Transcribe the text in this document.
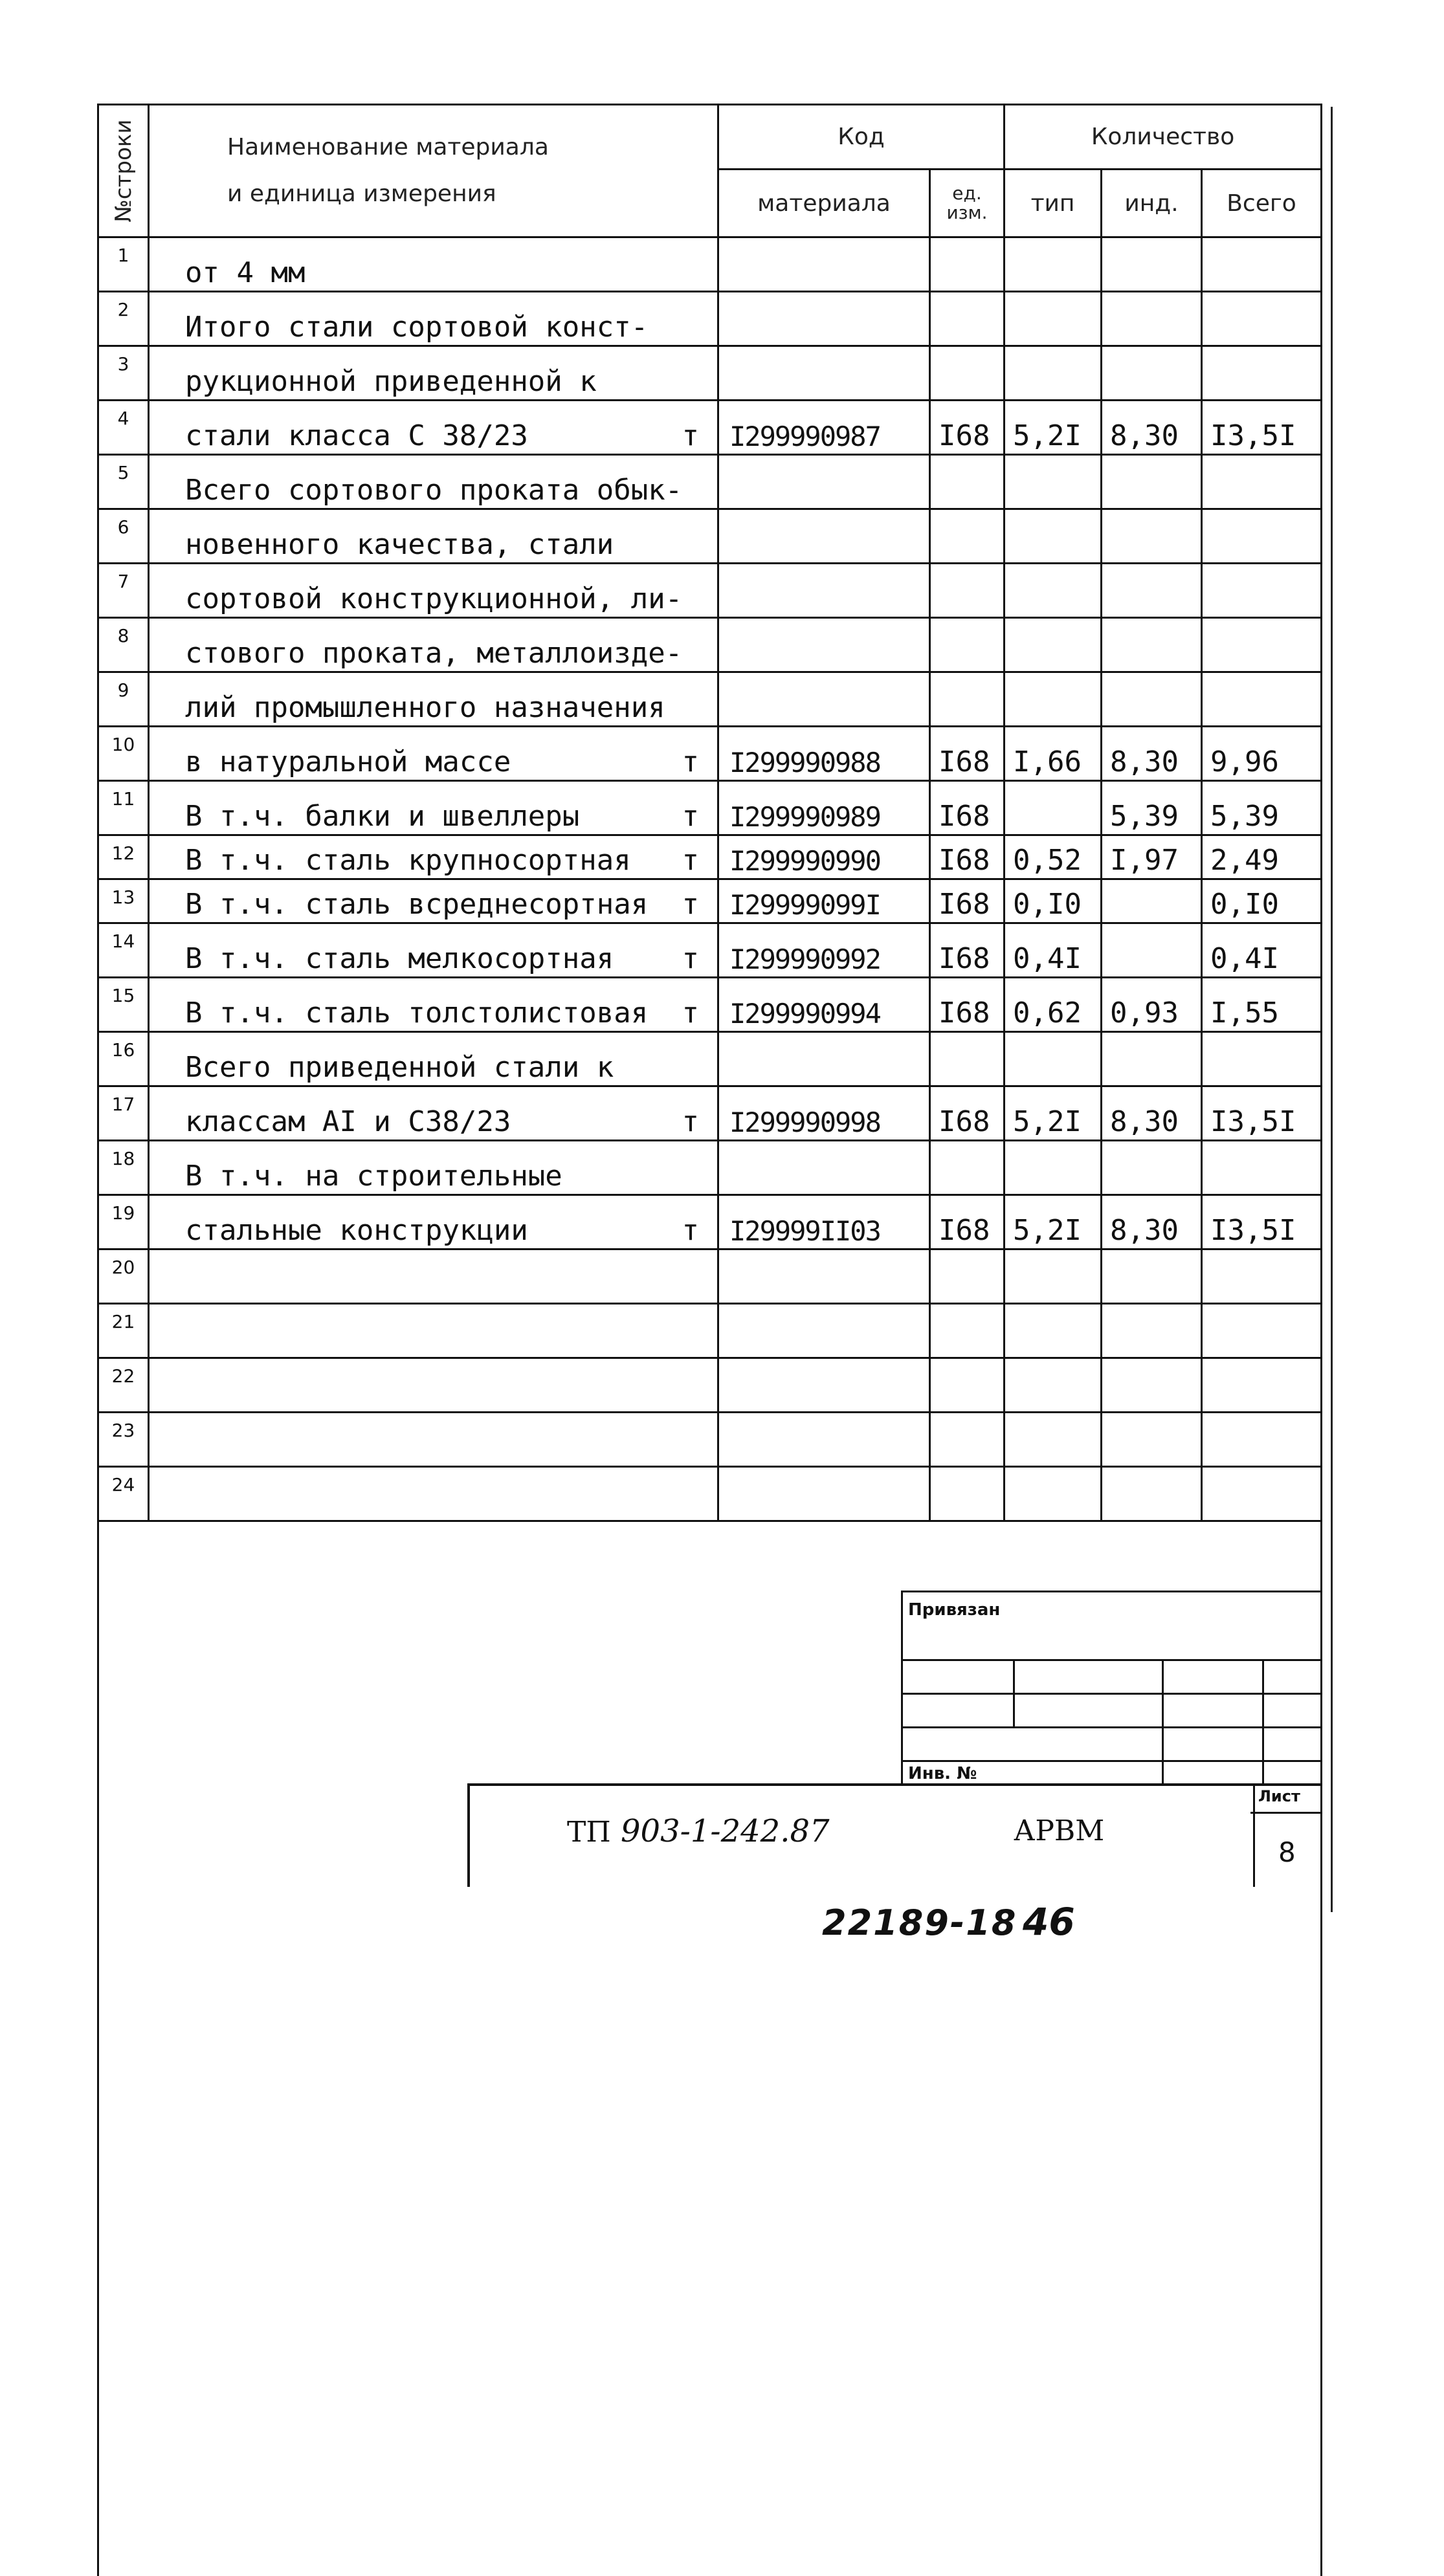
№строки	Наименование материала
и единица измерения	Код		Количество		
		материала	ед. изм.	тип	инд.	Всего
1	от 4 мм

2	Итого стали сортовой конст-

3	рукционной приведенной к

4	стали класса С 38/23 т	I299990987	I68	5,2I	8,30	I3,5I
5	Всего сортового проката обык-

6	новенного качества, стали

7	сортовой конструкционной, ли-

8	стового проката, металлоизде-

9	лий промышленного назначения

10	в натуральной массе т	I299990988	I68	I,66	8,30	9,96
11	В т.ч. балки и швеллеры т	I299990989	I68		5,39	5,39
12	В т.ч. сталь крупносортная т	I299990990	I68	0,52	I,97	2,49
13	В т.ч. сталь всреднесортная т	I29999099I	I68	0,I0		0,I0
14	В т.ч. сталь мелкосортная т	I299990992	I68	0,4I		0,4I
15	В т.ч. сталь толстолистовая т	I299990994	I68	0,62	0,93	I,55
16	Всего приведенной стали к

17	классам AI и С38/23 т	I299990998	I68	5,2I	8,30	I3,5I
18	В т.ч. на строительные

19	стальные конструкции т	I29999II03	I68	5,2I	8,30	I3,5I
20	

21	

22	

23	

24	

Привязан
Инв. №
ТП 903-1-242.87	АРВМ
Лист
8
22189-18 46
